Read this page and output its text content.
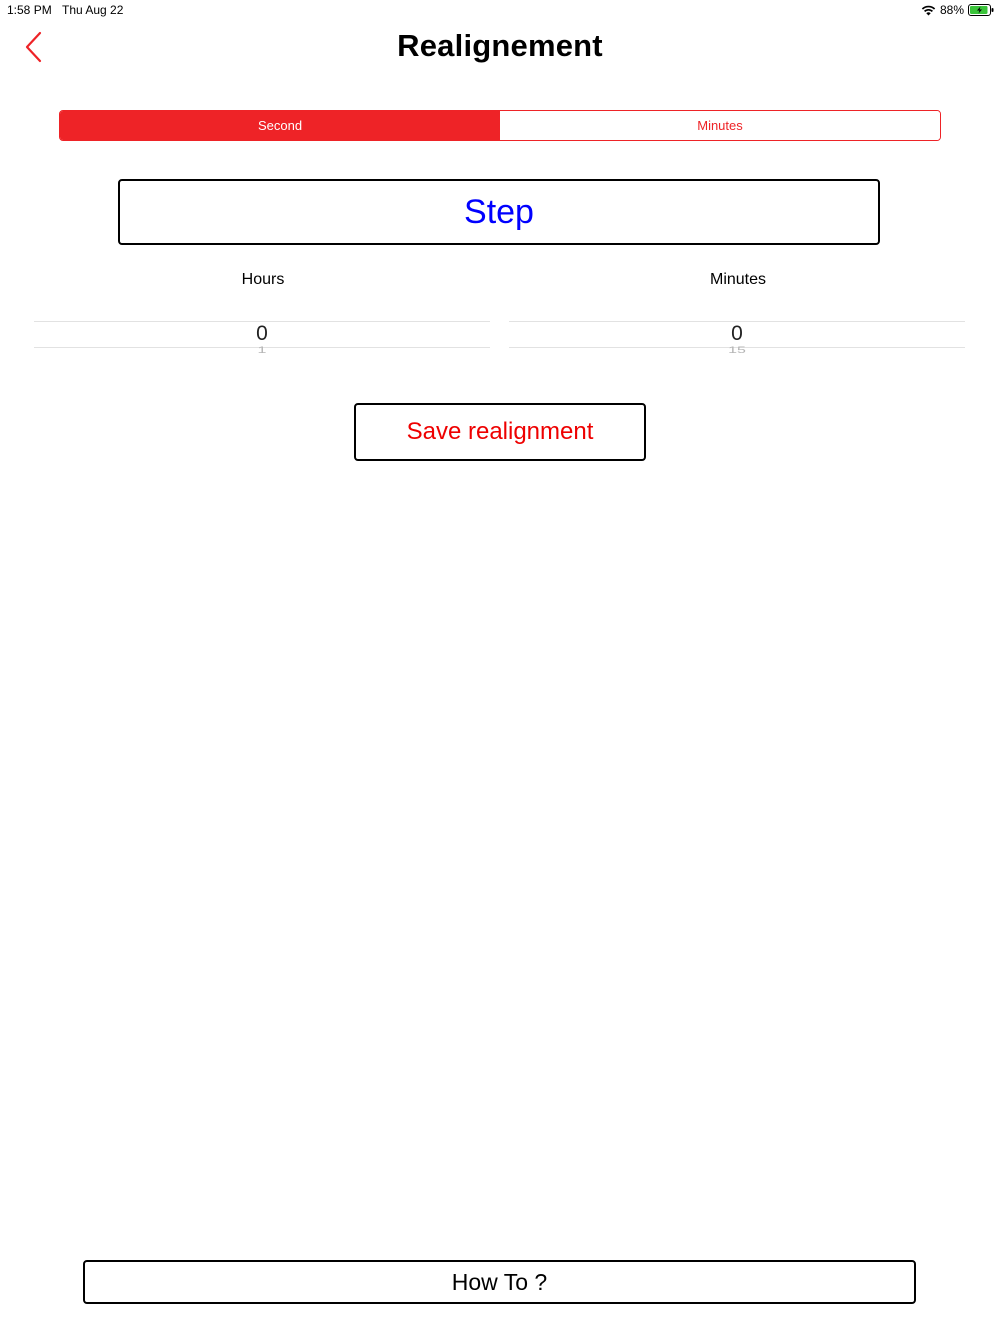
1:58 PM Thu Aug 22	88%
Realignement
Second	Minutes
Step
Hours
0
1
Minutes
0
15
Save realignment
How To ?
